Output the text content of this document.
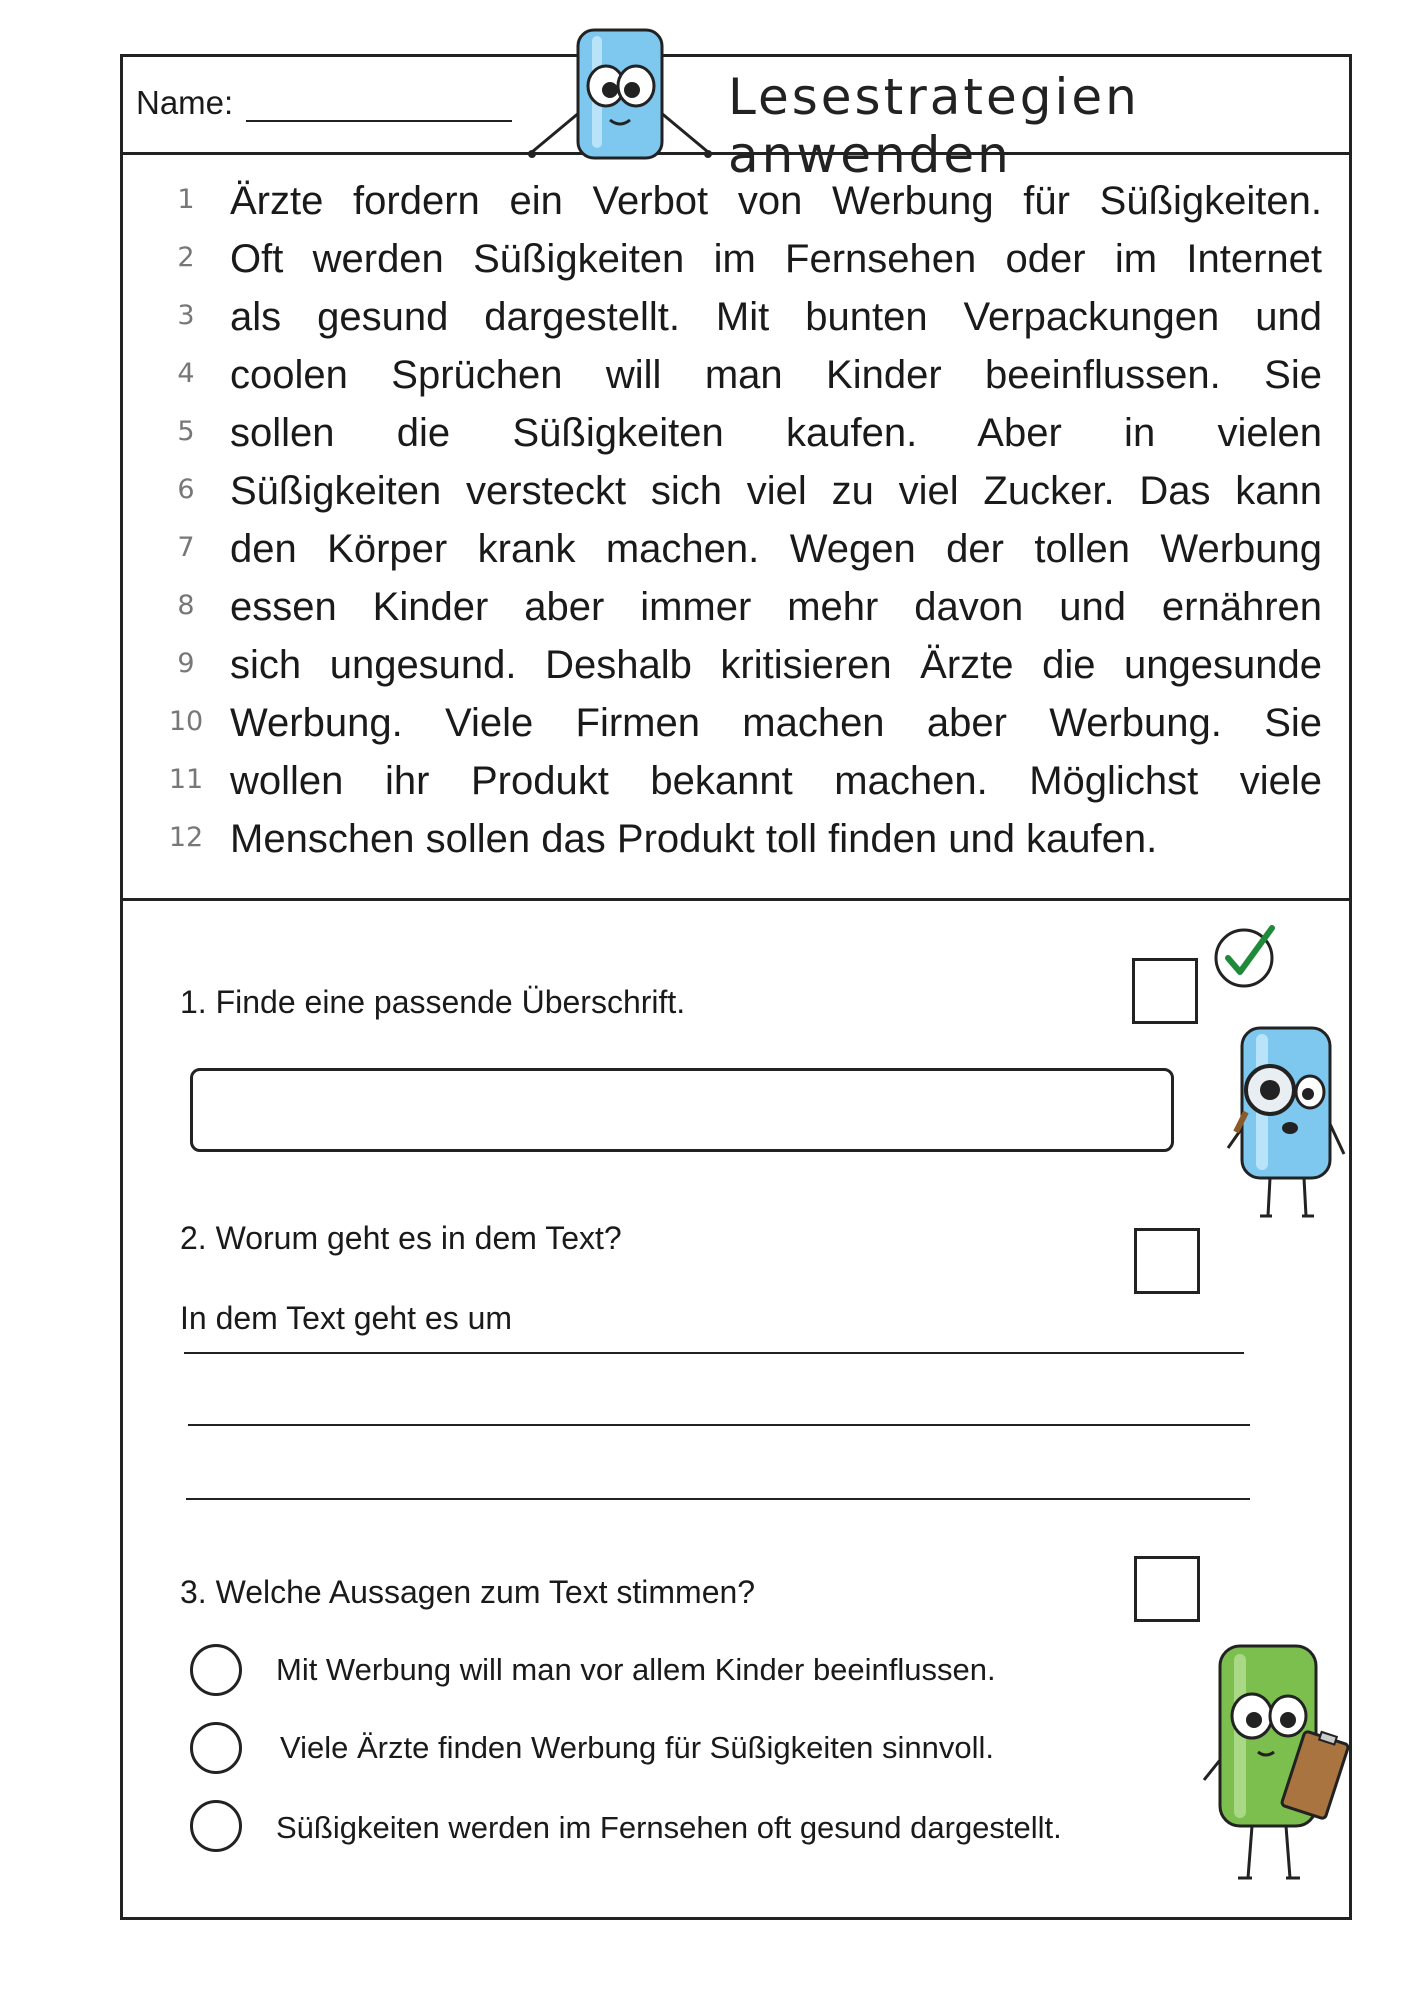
Name:	Lesestrategien anwenden
1 Ärzte fordern ein Verbot von Werbung für Süßigkeiten.
2 Oft werden Süßigkeiten im Fernsehen oder im Internet
3 als gesund dargestellt. Mit bunten Verpackungen und
4 coolen Sprüchen will man Kinder beeinflussen. Sie
5 sollen die Süßigkeiten kaufen. Aber in vielen
6 Süßigkeiten versteckt sich viel zu viel Zucker. Das kann
7 den Körper krank machen. Wegen der tollen Werbung
8 essen Kinder aber immer mehr davon und ernähren
9 sich ungesund. Deshalb kritisieren Ärzte die ungesunde
10 Werbung. Viele Firmen machen aber Werbung. Sie
11 wollen ihr Produkt bekannt machen. Möglichst viele
12 Menschen sollen das Produkt toll finden und kaufen.
1. Finde eine passende Überschrift.
2. Worum geht es in dem Text?
In dem Text geht es um
3. Welche Aussagen zum Text stimmen?
Mit Werbung will man vor allem Kinder beeinflussen.
Viele Ärzte finden Werbung für Süßigkeiten sinnvoll.
Süßigkeiten werden im Fernsehen oft gesund dargestellt.
